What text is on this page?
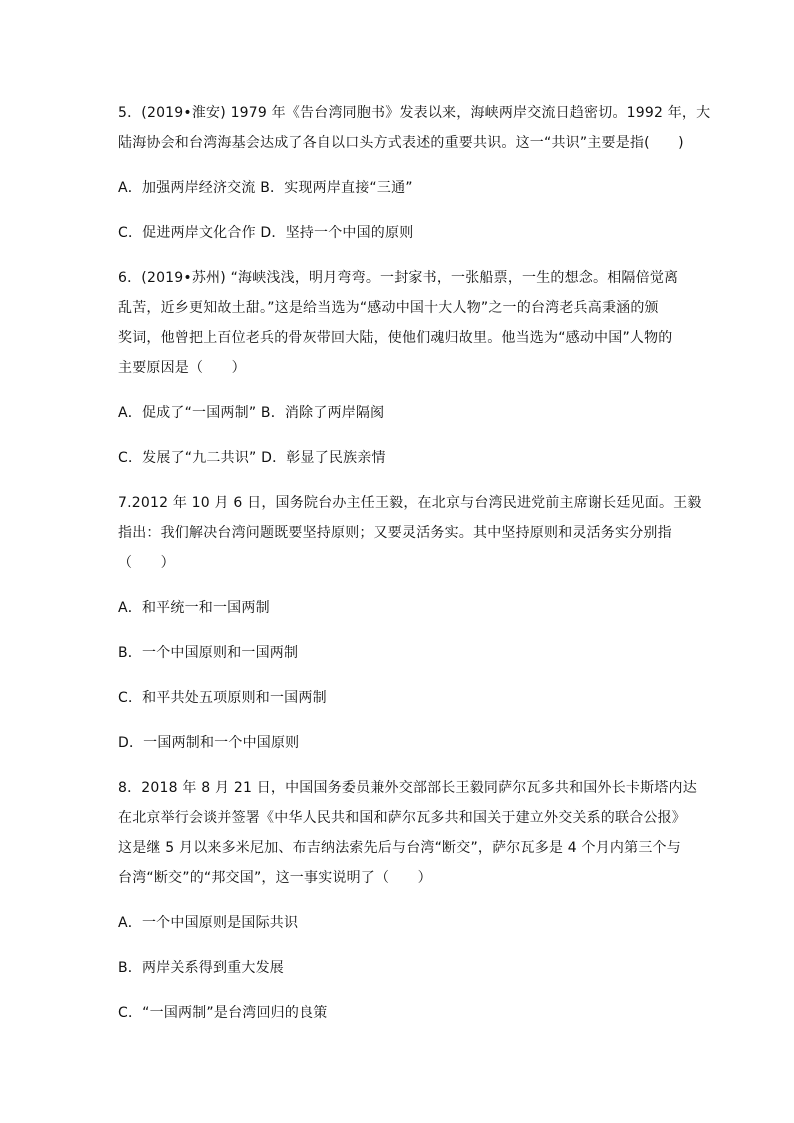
5．(2019•淮安) 1979 年《告台湾同胞书》发表以来，海峡两岸交流日趋密切。1992 年，大
陆海协会和台湾海基会达成了各自以口头方式表述的重要共识。这一“共识”主要是指(　　)

A．加强两岸经济交流 B．实现两岸直接“三通”

C．促进两岸文化合作 D．坚持一个中国的原则

6．(2019•苏州) “海峡浅浅，明月弯弯。一封家书，一张船票，一生的想念。相隔倍觉离
乱苦，近乡更知故土甜。”这是给当选为“感动中国十大人物”之一的台湾老兵高秉涵的颁
奖词，他曾把上百位老兵的骨灰带回大陆，使他们魂归故里。他当选为“感动中国”人物的
主要原因是（　　）

A．促成了“一国两制” B．消除了两岸隔阂

C．发展了“九二共识” D．彰显了民族亲情

7.2012 年 10 月 6 日，国务院台办主任王毅，在北京与台湾民进党前主席谢长廷见面。王毅
指出：我们解决台湾问题既要坚持原则；又要灵活务实。其中坚持原则和灵活务实分别指
（　　）

A．和平统一和一国两制

B．一个中国原则和一国两制

C．和平共处五项原则和一国两制

D．一国两制和一个中国原则

8．2018 年 8 月 21 日，中国国务委员兼外交部部长王毅同萨尔瓦多共和国外长卡斯塔内达
在北京举行会谈并签署《中华人民共和国和萨尔瓦多共和国关于建立外交关系的联合公报》
这是继 5 月以来多米尼加、布吉纳法索先后与台湾“断交”，萨尔瓦多是 4 个月内第三个与
台湾“断交”的“邦交国”，这一事实说明了（　　）

A．一个中国原则是国际共识

B．两岸关系得到重大发展

C．“一国两制”是台湾回归的良策
